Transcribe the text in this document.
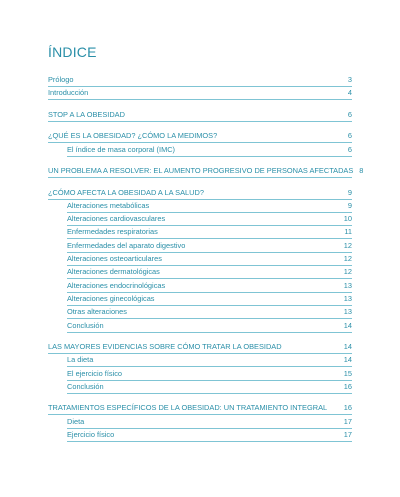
ÍNDICE
Prólogo	3
Introducción	4
STOP A LA OBESIDAD	6
¿QUÉ ES LA OBESIDAD? ¿CÓMO LA MEDIMOS?	6
El índice de masa corporal (IMC)	6
UN PROBLEMA A RESOLVER: EL AUMENTO PROGRESIVO DE PERSONAS AFECTADAS 8
¿CÓMO AFECTA LA OBESIDAD A LA SALUD?	9
Alteraciones metabólicas	9
Alteraciones cardiovasculares	10
Enfermedades respiratorias	11
Enfermedades del aparato digestivo	12
Alteraciones osteoarticulares	12
Alteraciones dermatológicas	12
Alteraciones endocrinológicas	13
Alteraciones ginecológicas	13
Otras alteraciones	13
Conclusión	14
LAS MAYORES EVIDENCIAS SOBRE CÓMO TRATAR LA OBESIDAD	14
La dieta	14
El ejercicio físico	15
Conclusión	16
TRATAMIENTOS ESPECÍFICOS DE LA OBESIDAD: UN TRATAMIENTO INTEGRAL	16
Dieta	17
Ejercicio físico	17
